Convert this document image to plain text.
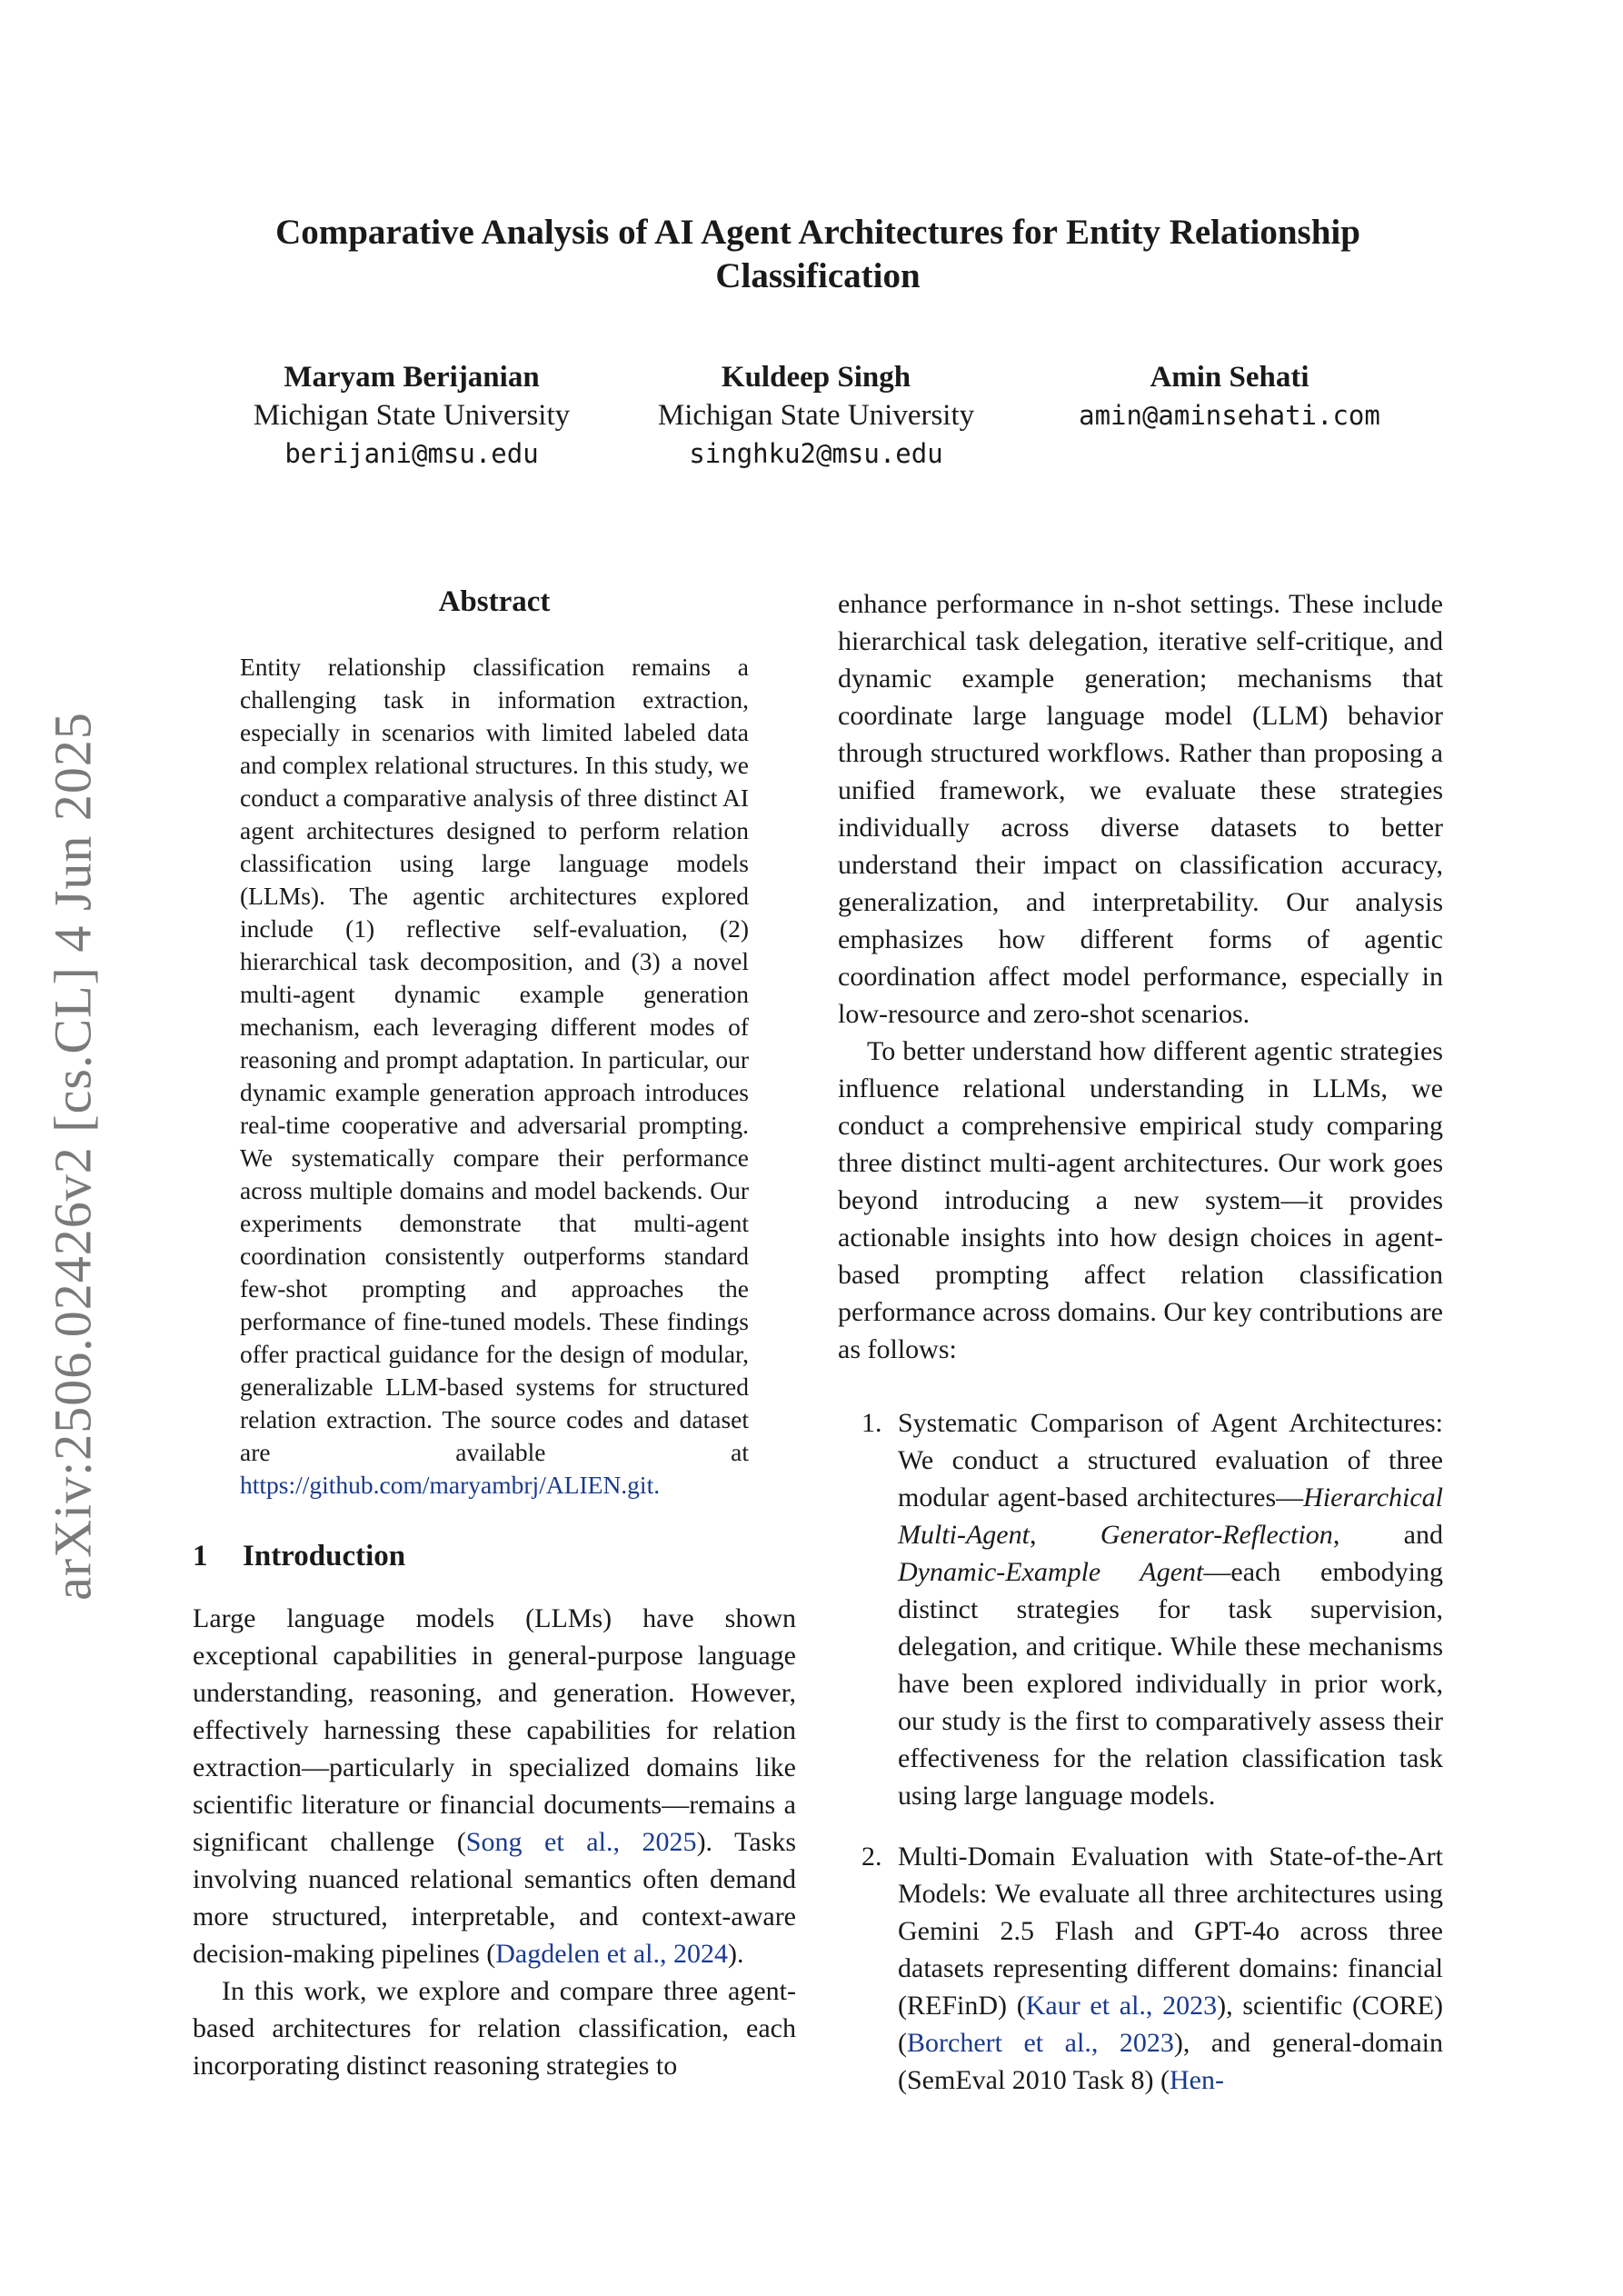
Comparative Analysis of AI Agent Architectures for Entity Relationship Classification
Maryam Berijanian
Michigan State University
berijani@msu.edu
Kuldeep Singh
Michigan State University
singhku2@msu.edu
Amin Sehati
amin@aminsehati.com
arXiv:2506.02426v2 [cs.CL] 4 Jun 2025
Abstract

Entity relationship classification remains a challenging task in information extraction, especially in scenarios with limited labeled data and complex relational structures. In this study, we conduct a comparative analysis of three distinct AI agent architectures designed to perform relation classification using large language models (LLMs). The agentic architectures explored include (1) reflective self-evaluation, (2) hierarchical task decomposition, and (3) a novel multi-agent dynamic example generation mechanism, each leveraging different modes of reasoning and prompt adaptation. In particular, our dynamic example generation approach introduces real-time cooperative and adversarial prompting. We systematically compare their performance across multiple domains and model backends. Our experiments demonstrate that multi-agent coordination consistently outperforms standard few-shot prompting and approaches the performance of fine-tuned models. These findings offer practical guidance for the design of modular, generalizable LLM-based systems for structured relation extraction. The source codes and dataset are available at https://github.com/maryambrj/ALIEN.git.

1 Introduction

Large language models (LLMs) have shown exceptional capabilities in general-purpose language understanding, reasoning, and generation. However, effectively harnessing these capabilities for relation extraction—particularly in specialized domains like scientific literature or financial documents—remains a significant challenge (Song et al., 2025). Tasks involving nuanced relational semantics often demand more structured, interpretable, and context-aware decision-making pipelines (Dagdelen et al., 2024).

In this work, we explore and compare three agent-based architectures for relation classification, each incorporating distinct reasoning strategies to

enhance performance in n-shot settings. These include hierarchical task delegation, iterative self-critique, and dynamic example generation; mechanisms that coordinate large language model (LLM) behavior through structured workflows. Rather than proposing a unified framework, we evaluate these strategies individually across diverse datasets to better understand their impact on classification accuracy, generalization, and interpretability. Our analysis emphasizes how different forms of agentic coordination affect model performance, especially in low-resource and zero-shot scenarios.

To better understand how different agentic strategies influence relational understanding in LLMs, we conduct a comprehensive empirical study comparing three distinct multi-agent architectures. Our work goes beyond introducing a new system—it provides actionable insights into how design choices in agent-based prompting affect relation classification performance across domains. Our key contributions are as follows:

1. Systematic Comparison of Agent Architectures: We conduct a structured evaluation of three modular agent-based architectures—Hierarchical Multi-Agent, Generator-Reflection, and Dynamic-Example Agent—each embodying distinct strategies for task supervision, delegation, and critique. While these mechanisms have been explored individually in prior work, our study is the first to comparatively assess their effectiveness for the relation classification task using large language models.
2. Multi-Domain Evaluation with State-of-the-Art Models: We evaluate all three architectures using Gemini 2.5 Flash and GPT-4o across three datasets representing different domains: financial (REFinD) (Kaur et al., 2023), scientific (CORE) (Borchert et al., 2023), and general-domain (SemEval 2010 Task 8) (Hen-
